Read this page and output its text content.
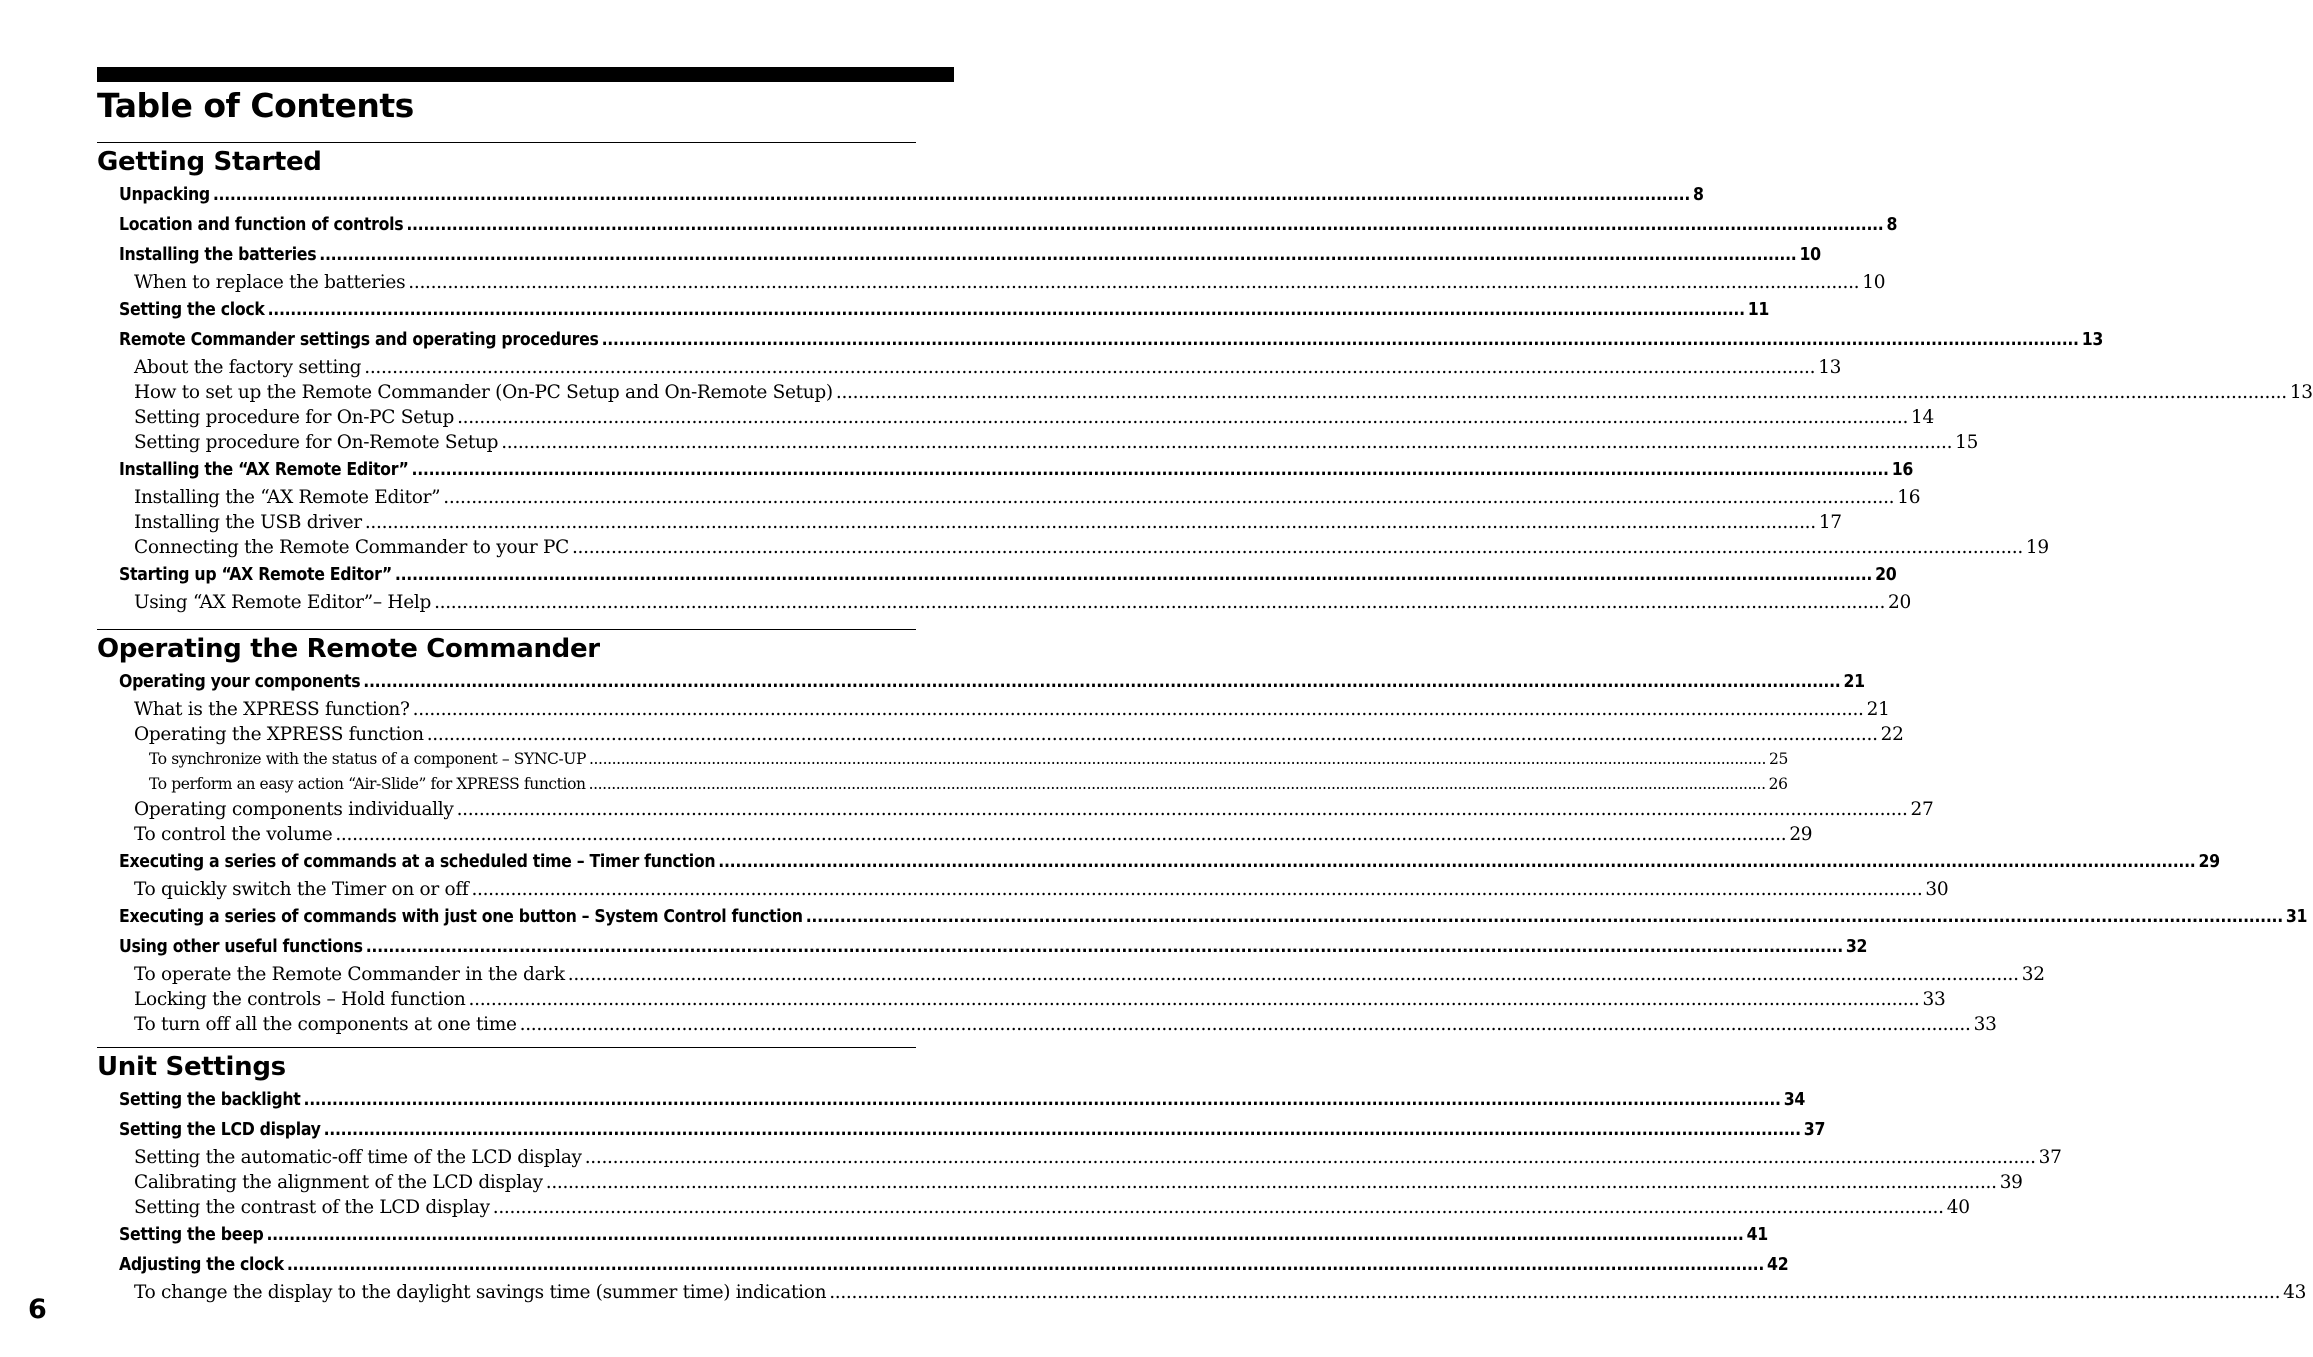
Table of Contents
Getting Started
Unpacking .................................................................................................................................................................................................................................................................... 8
Location and function of controls .................................................................................................................................................................................................................................................................... 8
Installing the batteries .................................................................................................................................................................................................................................................................... 10
When to replace the batteries .................................................................................................................................................................................................................................................................... 10
Setting the clock .................................................................................................................................................................................................................................................................... 11
Remote Commander settings and operating procedures .................................................................................................................................................................................................................................................................... 13
About the factory setting .................................................................................................................................................................................................................................................................... 13
How to set up the Remote Commander (On-PC Setup and On-Remote Setup) .................................................................................................................................................................................................................................................................... 13
Setting procedure for On-PC Setup .................................................................................................................................................................................................................................................................... 14
Setting procedure for On-Remote Setup .................................................................................................................................................................................................................................................................... 15
Installing the “AX Remote Editor” .................................................................................................................................................................................................................................................................... 16
Installing the “AX Remote Editor” .................................................................................................................................................................................................................................................................... 16
Installing the USB driver .................................................................................................................................................................................................................................................................... 17
Connecting the Remote Commander to your PC .................................................................................................................................................................................................................................................................... 19
Starting up “AX Remote Editor” .................................................................................................................................................................................................................................................................... 20
Using “AX Remote Editor”– Help .................................................................................................................................................................................................................................................................... 20
Operating the Remote Commander
Operating your components .................................................................................................................................................................................................................................................................... 21
What is the XPRESS function? .................................................................................................................................................................................................................................................................... 21
Operating the XPRESS function .................................................................................................................................................................................................................................................................... 22
To synchronize with the status of a component – SYNC-UP .................................................................................................................................................................................................................................................................... 25
To perform an easy action “Air-Slide” for XPRESS function .................................................................................................................................................................................................................................................................... 26
Operating components individually .................................................................................................................................................................................................................................................................... 27
To control the volume .................................................................................................................................................................................................................................................................... 29
Executing a series of commands at a scheduled time – Timer function .................................................................................................................................................................................................................................................................... 29
To quickly switch the Timer on or off .................................................................................................................................................................................................................................................................... 30
Executing a series of commands with just one button – System Control function .................................................................................................................................................................................................................................................................... 31
Using other useful functions .................................................................................................................................................................................................................................................................... 32
To operate the Remote Commander in the dark .................................................................................................................................................................................................................................................................... 32
Locking the controls – Hold function .................................................................................................................................................................................................................................................................... 33
To turn off all the components at one time .................................................................................................................................................................................................................................................................... 33
Unit Settings
Setting the backlight .................................................................................................................................................................................................................................................................... 34
Setting the LCD display .................................................................................................................................................................................................................................................................... 37
Setting the automatic-off time of the LCD display .................................................................................................................................................................................................................................................................... 37
Calibrating the alignment of the LCD display .................................................................................................................................................................................................................................................................... 39
Setting the contrast of the LCD display .................................................................................................................................................................................................................................................................... 40
Setting the beep .................................................................................................................................................................................................................................................................... 41
Adjusting the clock .................................................................................................................................................................................................................................................................... 42
To change the display to the daylight savings time (summer time) indication .................................................................................................................................................................................................................................................................... 43
6
